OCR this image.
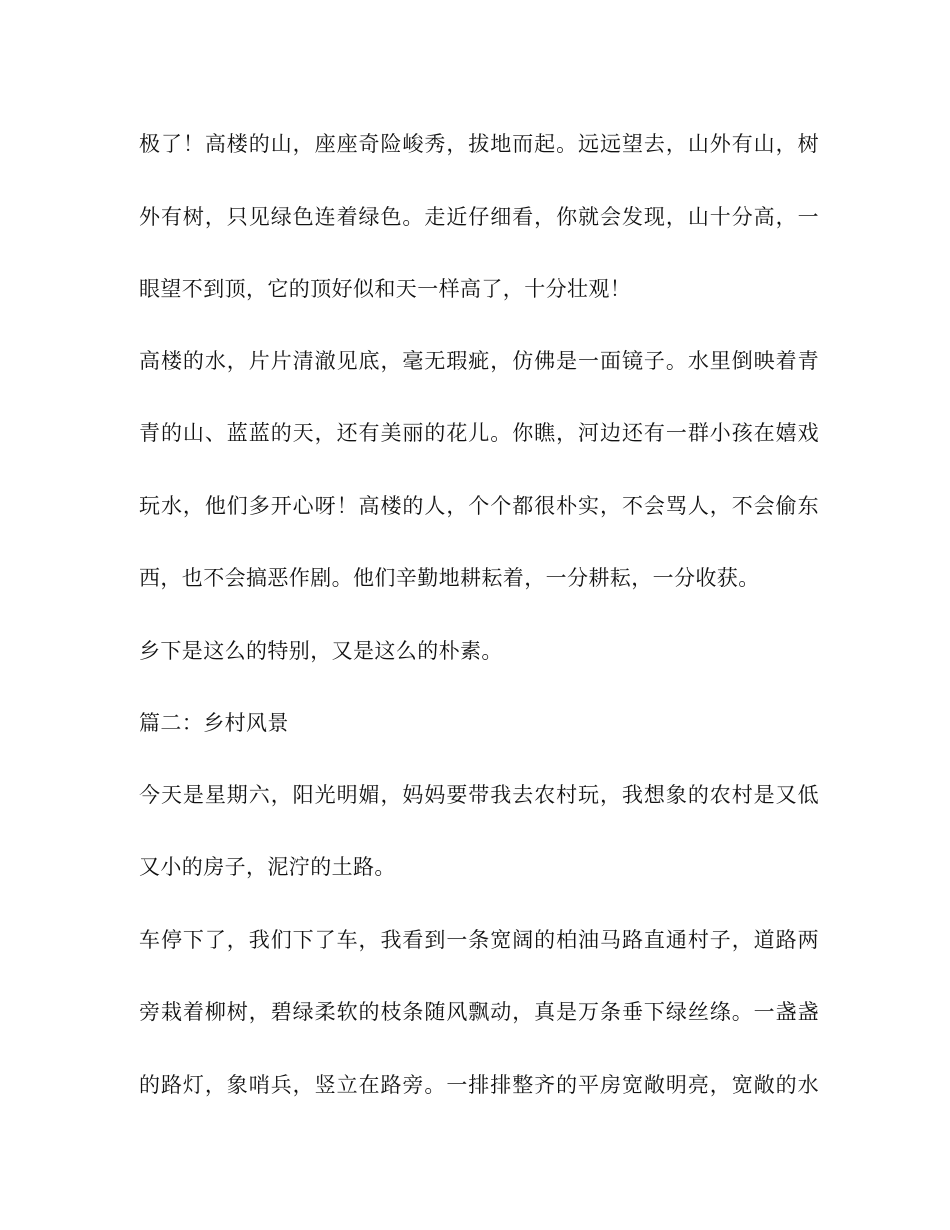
极了！高楼的山，座座奇险峻秀，拔地而起。远远望去，山外有山，树
外有树，只见绿色连着绿色。走近仔细看，你就会发现，山十分高，一
眼望不到顶，它的顶好似和天一样高了，十分壮观！
高楼的水，片片清澈见底，毫无瑕疵，仿佛是一面镜子。水里倒映着青
青的山、蓝蓝的天，还有美丽的花儿。你瞧，河边还有一群小孩在嬉戏
玩水，他们多开心呀！高楼的人，个个都很朴实，不会骂人，不会偷东
西，也不会搞恶作剧。他们辛勤地耕耘着，一分耕耘，一分收获。
乡下是这么的特别，又是这么的朴素。
篇二：乡村风景
今天是星期六，阳光明媚，妈妈要带我去农村玩，我想象的农村是又低
又小的房子，泥泞的土路。
车停下了，我们下了车，我看到一条宽阔的柏油马路直通村子，道路两
旁栽着柳树，碧绿柔软的枝条随风飘动，真是万条垂下绿丝绦。一盏盏
的路灯，象哨兵，竖立在路旁。一排排整齐的平房宽敞明亮，宽敞的水
